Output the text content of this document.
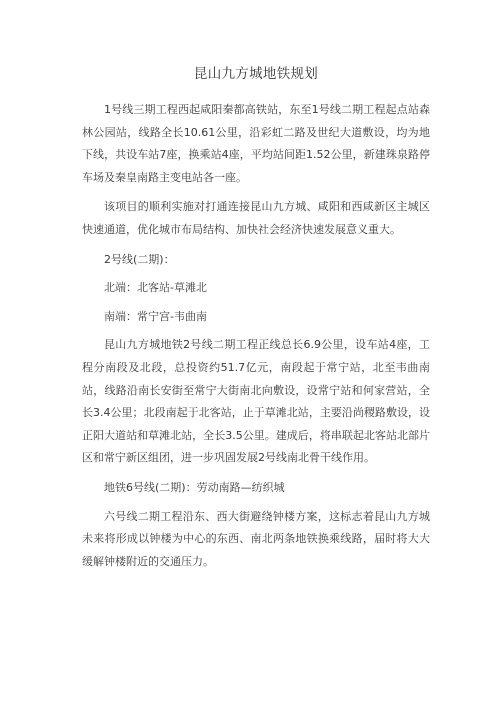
昆山九方城地铁规划

1号线三期工程西起咸阳秦都高铁站，东至1号线二期工程起点站森林公园站，线路全长10.61公里，沿彩虹二路及世纪大道敷设，均为地下线，共设车站7座，换乘站4座，平均站间距1.52公里，新建珠泉路停车场及秦皇南路主变电站各一座。

该项目的顺利实施对打通连接昆山九方城、咸阳和西咸新区主城区快速通道，优化城市布局结构、加快社会经济快速发展意义重大。

2号线(二期)：

北端：北客站-草滩北

南端：常宁宫-韦曲南

昆山九方城地铁2号线二期工程正线总长6.9公里，设车站4座，工程分南段及北段，总投资约51.7亿元，南段起于常宁站，北至韦曲南站，线路沿南长安街至常宁大街南北向敷设，设常宁站和何家营站，全长3.4公里；北段南起于北客站，止于草滩北站，主要沿尚稷路敷设，设正阳大道站和草滩北站，全长3.5公里。建成后，将串联起北客站北部片区和常宁新区组团，进一步巩固发展2号线南北骨干线作用。

地铁6号线(二期)：劳动南路—纺织城

六号线二期工程沿东、西大街避绕钟楼方案，这标志着昆山九方城未来将形成以钟楼为中心的东西、南北两条地铁换乘线路，届时将大大缓解钟楼附近的交通压力。
